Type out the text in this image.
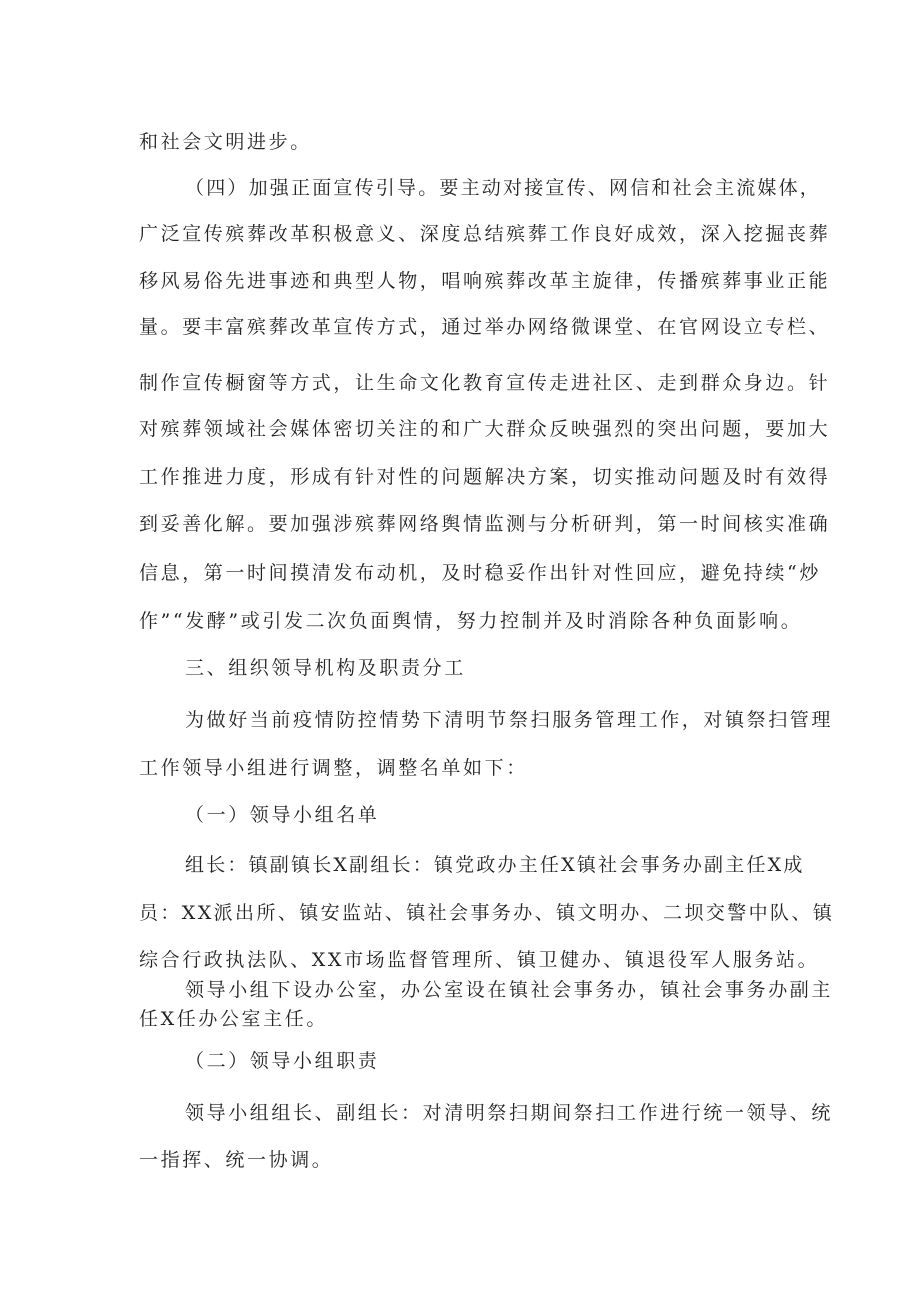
和社会文明进步。
（四）加强正面宣传引导。要主动对接宣传、网信和社会主流媒体，
广泛宣传殡葬改革积极意义、深度总结殡葬工作良好成效，深入挖掘丧葬
移风易俗先进事迹和典型人物，唱响殡葬改革主旋律，传播殡葬事业正能
量。要丰富殡葬改革宣传方式，通过举办网络微课堂、在官网设立专栏、
制作宣传橱窗等方式，让生命文化教育宣传走进社区、走到群众身边。针
对殡葬领域社会媒体密切关注的和广大群众反映强烈的突出问题，要加大
工作推进力度，形成有针对性的问题解决方案，切实推动问题及时有效得
到妥善化解。要加强涉殡葬网络舆情监测与分析研判，第一时间核实准确
信息，第一时间摸清发布动机，及时稳妥作出针对性回应，避免持续“炒
作”“发酵”或引发二次负面舆情，努力控制并及时消除各种负面影响。
三、组织领导机构及职责分工
为做好当前疫情防控情势下清明节祭扫服务管理工作，对镇祭扫管理
工作领导小组进行调整，调整名单如下：
（一）领导小组名单
组长：镇副镇长X副组长：镇党政办主任X镇社会事务办副主任X成
员：XX派出所、镇安监站、镇社会事务办、镇文明办、二坝交警中队、镇
综合行政执法队、XX市场监督管理所、镇卫健办、镇退役军人服务站。
领导小组下设办公室，办公室设在镇社会事务办，镇社会事务办副主
任X任办公室主任。
（二）领导小组职责
领导小组组长、副组长：对清明祭扫期间祭扫工作进行统一领导、统
一指挥、统一协调。
